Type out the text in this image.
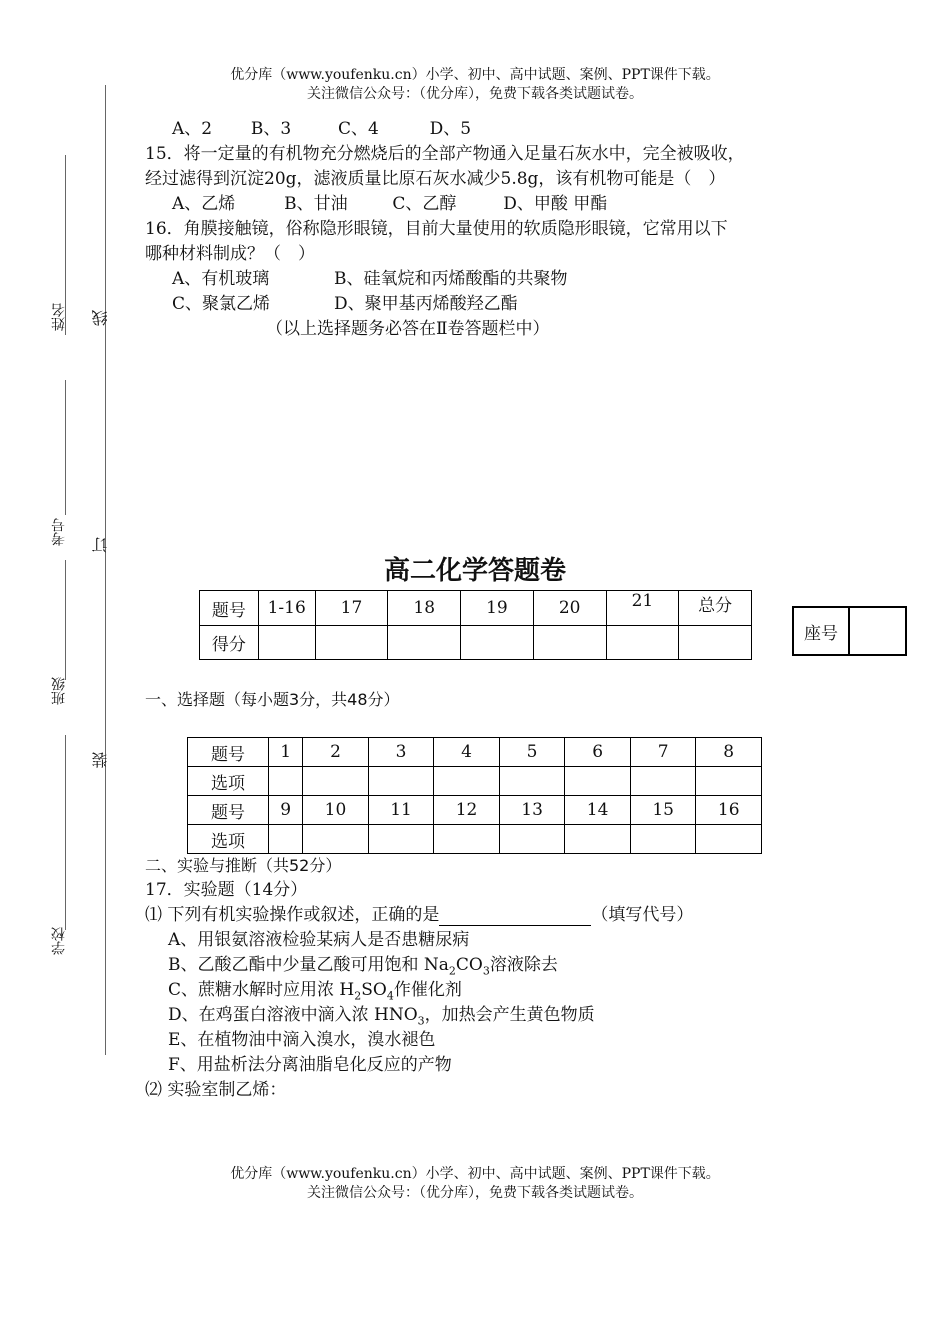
优分库（www.youfenku.cn）小学、初中、高中试题、案例、PPT课件下载。
关注微信公众号：（优分库），免费下载各类试题试卷。
姓名
考号
班级
学校
线
订
装
A、2 B、3	C、4	D、5
15．将一定量的有机物充分燃烧后的全部产物通入足量石灰水中，完全被吸收，
经过滤得到沉淀20g，滤液质量比原石灰水减少5.8g，该有机物可能是（　）
A、乙烯	B、甘油	C、乙醇	D、甲酸 甲酯
16．角膜接触镜，俗称隐形眼镜，目前大量使用的软质隐形眼镜，它常用以下
哪种材料制成？（　）
A、有机玻璃	B、硅氧烷和丙烯酸酯的共聚物
C、聚氯乙烯	D、聚甲基丙烯酸羟乙酯
（以上选择题务必答在Ⅱ卷答题栏中）
高二化学答题卷
题号	1-16	17	18	19	20	21	总分
得分							
座号	
一、选择题（每小题3分，共48分）
题号	1	2	3	4	5	6	7	8
选项								
题号	9	10	11	12	13	14	15	16
选项								
二、实验与推断（共52分）
17．实验题（14分）
⑴ 下列有机实验操作或叙述，正确的是	（填写代号）
A、用银氨溶液检验某病人是否患糖尿病
B、乙酸乙酯中少量乙酸可用饱和 $Na_2CO_3$溶液除去
C、蔗糖水解时应用浓 $H_2SO_4$作催化剂
D、在鸡蛋白溶液中滴入浓 $HNO_3$，加热会产生黄色物质
E、在植物油中滴入溴水，溴水褪色
F、用盐析法分离油脂皂化反应的产物
⑵ 实验室制乙烯：
优分库（www.youfenku.cn）小学、初中、高中试题、案例、PPT课件下载。
关注微信公众号：（优分库），免费下载各类试题试卷。
